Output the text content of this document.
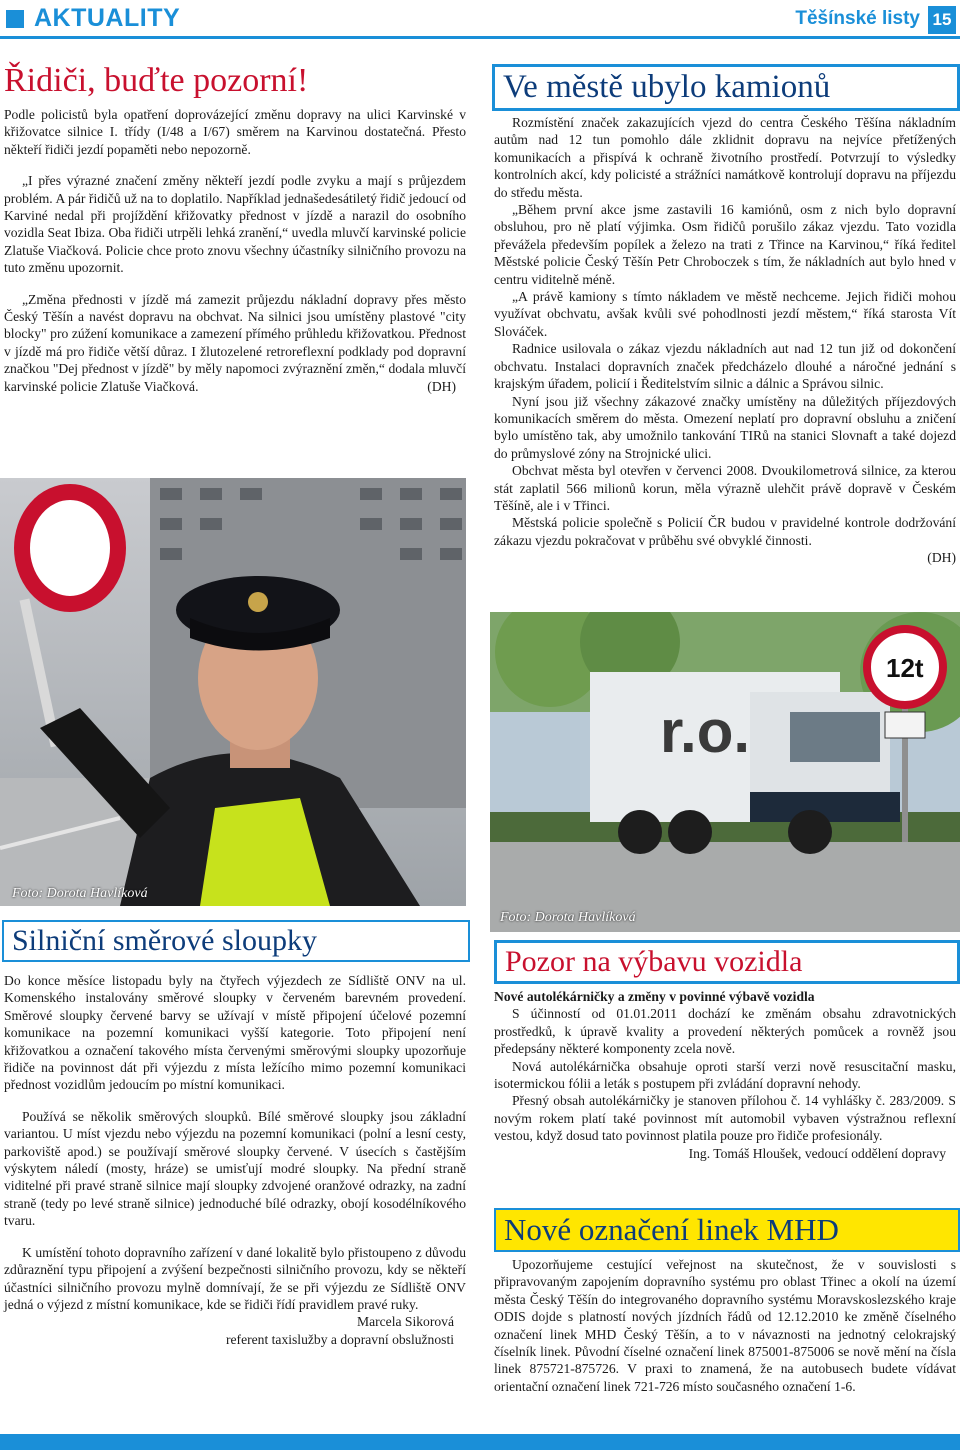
AKTUALITY	Těšínské listy 15
Řidiči, buďte pozorní!

Podle policistů byla opatření doprovázející změnu dopravy na ulici Karvinské v křižovatce silnice I. třídy (I/48 a I/67) směrem na Karvinou dostatečná. Přesto někteří řidiči jezdí popaměti nebo nepozorně.

„I přes výrazné značení změny někteří jezdí podle zvyku a mají s průjezdem problém. A pár řidičů už na to doplatilo. Například jednašedesátiletý řidič jedoucí od Karviné nedal při projíždění křižovatky přednost v jízdě a narazil do osobního vozidla Seat Ibiza. Oba řidiči utrpěli lehká zranění,“ uvedla mluvčí karvinské policie Zlatuše Viačková. Policie chce proto znovu všechny účastníky silničního provozu na tuto změnu upozornit.

„Změna přednosti v jízdě má zamezit průjezdu nákladní dopravy přes město Český Těšín a navést dopravu na obchvat. Na silnici jsou umístěny plastové "city blocky" pro zúžení komunikace a zamezení přímého průhledu křižovatkou. Přednost v jízdě má pro řidiče větší důraz. I žlutozelené retroreflexní podklady pod dopravní značkou "Dej přednost v jízdě" by měly napomoci zvýraznění změn,“ dodala mluvčí karvinské policie Zlatuše Viačková.	(DH)

Ve městě ubylo kamionů

Rozmístění značek zakazujících vjezd do centra Českého Těšína nákladním autům nad 12 tun pomohlo dále zklidnit dopravu na nejvíce přetížených komunikacích a přispívá k ochraně životního prostředí. Potvrzují to výsledky kontrolních akcí, kdy policisté a strážníci namátkově kontrolují dopravu na příjezdu do středu města.

„Během první akce jsme zastavili 16 kamiónů, osm z nich bylo dopravní obsluhou, pro ně platí výjimka. Osm řidičů porušilo zákaz vjezdu. Tato vozidla převážela především popílek a železo na trati z Třince na Karvinou,“ říká ředitel Městské policie Český Těšín Petr Chroboczek s tím, že nákladních aut bylo hned v centru viditelně méně.

„A právě kamiony s tímto nákladem ve městě nechceme. Jejich řidiči mohou využívat obchvatu, avšak kvůli své pohodlnosti jezdí městem,“ říká starosta Vít Slováček.

Radnice usilovala o zákaz vjezdu nákladních aut nad 12 tun již od dokončení obchvatu. Instalaci dopravních značek předcházelo dlouhé a náročné jednání s krajským úřadem, policií i Ředitelstvím silnic a dálnic a Správou silnic.

Nyní jsou již všechny zákazové značky umístěny na důležitých příjezdových komunikacích směrem do města. Omezení neplatí pro dopravní obsluhu a zničení bylo umístěno tak, aby umožnilo tankování TIRů na stanici Slovnaft a také dojezd do průmyslové zóny na Strojnické ulici.

Obchvat města byl otevřen v červenci 2008. Dvoukilometrová silnice, za kterou stát zaplatil 566 milionů korun, měla výrazně ulehčit právě dopravě v Českém Těšíně, ale i v Třinci.

Městská policie společně s Policií ČR budou v pravidelné kontrole dodržování zákazu vjezdu pokračovat v průběhu své obvyklé činnosti.

(DH)

Foto: Dorota Havlíková
r.o.
12t
Foto: Dorota Havlíková
Silniční směrové sloupky

Do konce měsíce listopadu byly na čtyřech výjezdech ze Sídliště ONV na ul. Komenského instalovány směrové sloupky v červeném barevném provedení. Směrové sloupky červené barvy se užívají v místě připojení účelové pozemní komunikace na pozemní komunikaci vyšší kategorie. Toto připojení není křižovatkou a označení takového místa červenými směrovými sloupky upozorňuje řidiče na povinnost dát při výjezdu z místa ležícího mimo pozemní komunikaci přednost vozidlům jedoucím po místní komunikaci.

Používá se několik směrových sloupků. Bílé směrové sloupky jsou základní variantou. U míst vjezdu nebo výjezdu na pozemní komunikaci (polní a lesní cesty, parkoviště apod.) se používají směrové sloupky červené. V úsecích s častějším výskytem náledí (mosty, hráze) se umisťují modré sloupky. Na přední straně viditelné při pravé straně silnice mají sloupky zdvojené oranžové odrazky, na zadní straně (tedy po levé straně silnice) jednoduché bílé odrazky, obojí kosodélníkového tvaru.

K umístění tohoto dopravního zařízení v dané lokalitě bylo přistoupeno z důvodu zdůraznění typu připojení a zvýšení bezpečnosti silničního provozu, kdy se někteří účastníci silničního provozu mylně domnívají, že se při výjezdu ze Sídliště ONV jedná o výjezd z místní komunikace, kde se řidiči řídí pravidlem pravé ruky.

Marcela Sikorová

referent taxislužby a dopravní obslužnosti

Pozor na výbavu vozidla

Nové autolékárničky a změny v povinné výbavě vozidla

S účinností od 01.01.2011 dochází ke změnám obsahu zdravotnických prostředků, k úpravě kvality a provedení některých pomůcek a rovněž jsou předepsány některé komponenty zcela nově.

Nová autolékárnička obsahuje oproti starší verzi nově resuscitační masku, isotermickou fólii a leták s postupem při zvládání dopravní nehody.

Přesný obsah autolékárničky je stanoven přílohou č. 14 vyhlášky č. 283/2009. S novým rokem platí také povinnost mít automobil vybaven výstražnou reflexní vestou, když dosud tato povinnost platila pouze pro řidiče profesionály.

Ing. Tomáš Hloušek, vedoucí oddělení dopravy

Nové označení linek MHD

Upozorňujeme cestující veřejnost na skutečnost, že v souvislosti s připravovaným zapojením dopravního systému pro oblast Třinec a okolí na území města Český Těšín do integrovaného dopravního systému Moravskoslezského kraje ODIS dojde s platností nových jízdních řádů od 12.12.2010 ke změně číselného označení linek MHD Český Těšín, a to v návaznosti na jednotný celokrajský číselník linek. Původní číselné označení linek 875001-875006 se nově mění na čísla linek 875721-875726. V praxi to znamená, že na autobusech budete vídávat orientační označení linek 721-726 místo současného označení 1-6.
